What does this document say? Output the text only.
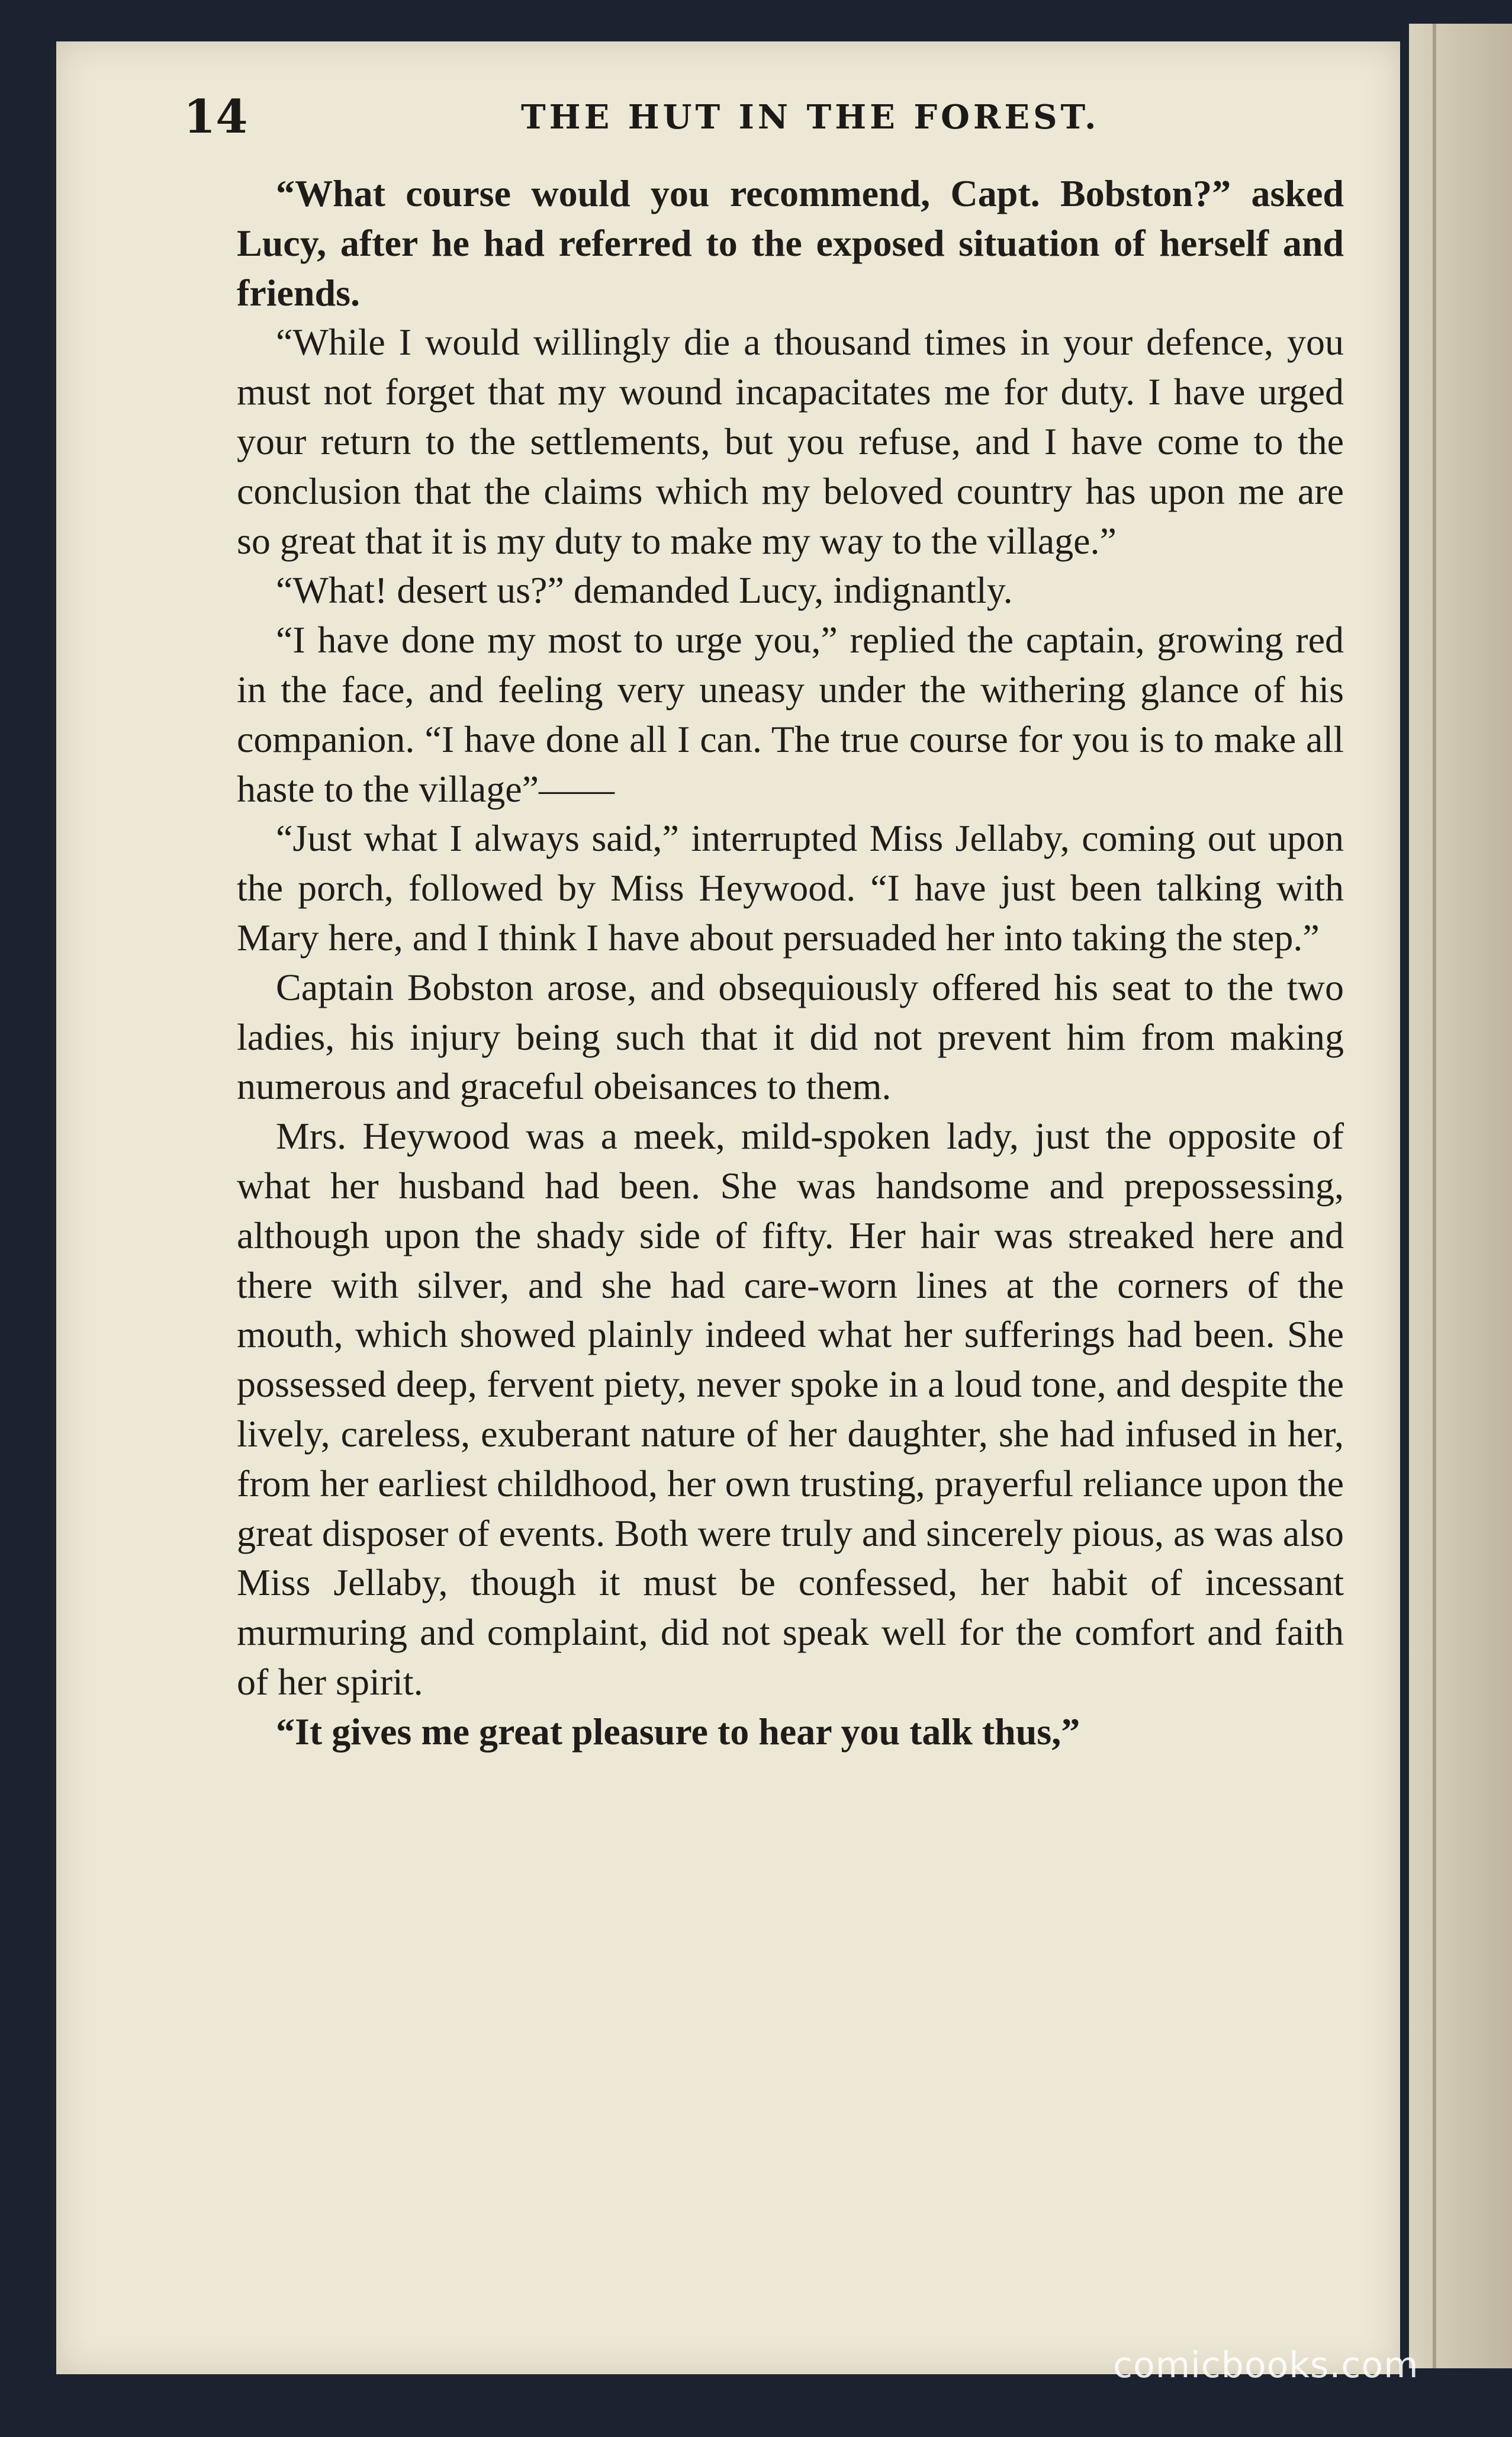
14	THE HUT IN THE FOREST.

“What course would you recommend, Capt. Bobston?” asked Lucy, after he had referred to the exposed situation of herself and friends.

“While I would willingly die a thousand times in your defence, you must not forget that my wound incapacitates me for duty. I have urged your return to the settlements, but you refuse, and I have come to the conclusion that the claims which my beloved country has upon me are so great that it is my duty to make my way to the village.”

“What! desert us?” demanded Lucy, indignantly.

“I have done my most to urge you,” replied the captain, growing red in the face, and feeling very uneasy under the withering glance of his companion. “I have done all I can. The true course for you is to make all haste to the village”——

“Just what I always said,” interrupted Miss Jellaby, coming out upon the porch, followed by Miss Heywood. “I have just been talking with Mary here, and I think I have about persuaded her into taking the step.”

Captain Bobston arose, and obsequiously offered his seat to the two ladies, his injury being such that it did not prevent him from making numerous and graceful obeisances to them.

Mrs. Heywood was a meek, mild-spoken lady, just the opposite of what her husband had been. She was handsome and prepossessing, although upon the shady side of fifty. Her hair was streaked here and there with silver, and she had care-worn lines at the corners of the mouth, which showed plainly indeed what her sufferings had been. She possessed deep, fervent piety, never spoke in a loud tone, and despite the lively, careless, exuberant nature of her daughter, she had infused in her, from her earliest childhood, her own trusting, prayerful reliance upon the great disposer of events. Both were truly and sincerely pious, as was also Miss Jellaby, though it must be confessed, her habit of incessant murmuring and complaint, did not speak well for the comfort and faith of her spirit.

“It gives me great pleasure to hear you talk thus,”

comicbooks.com
